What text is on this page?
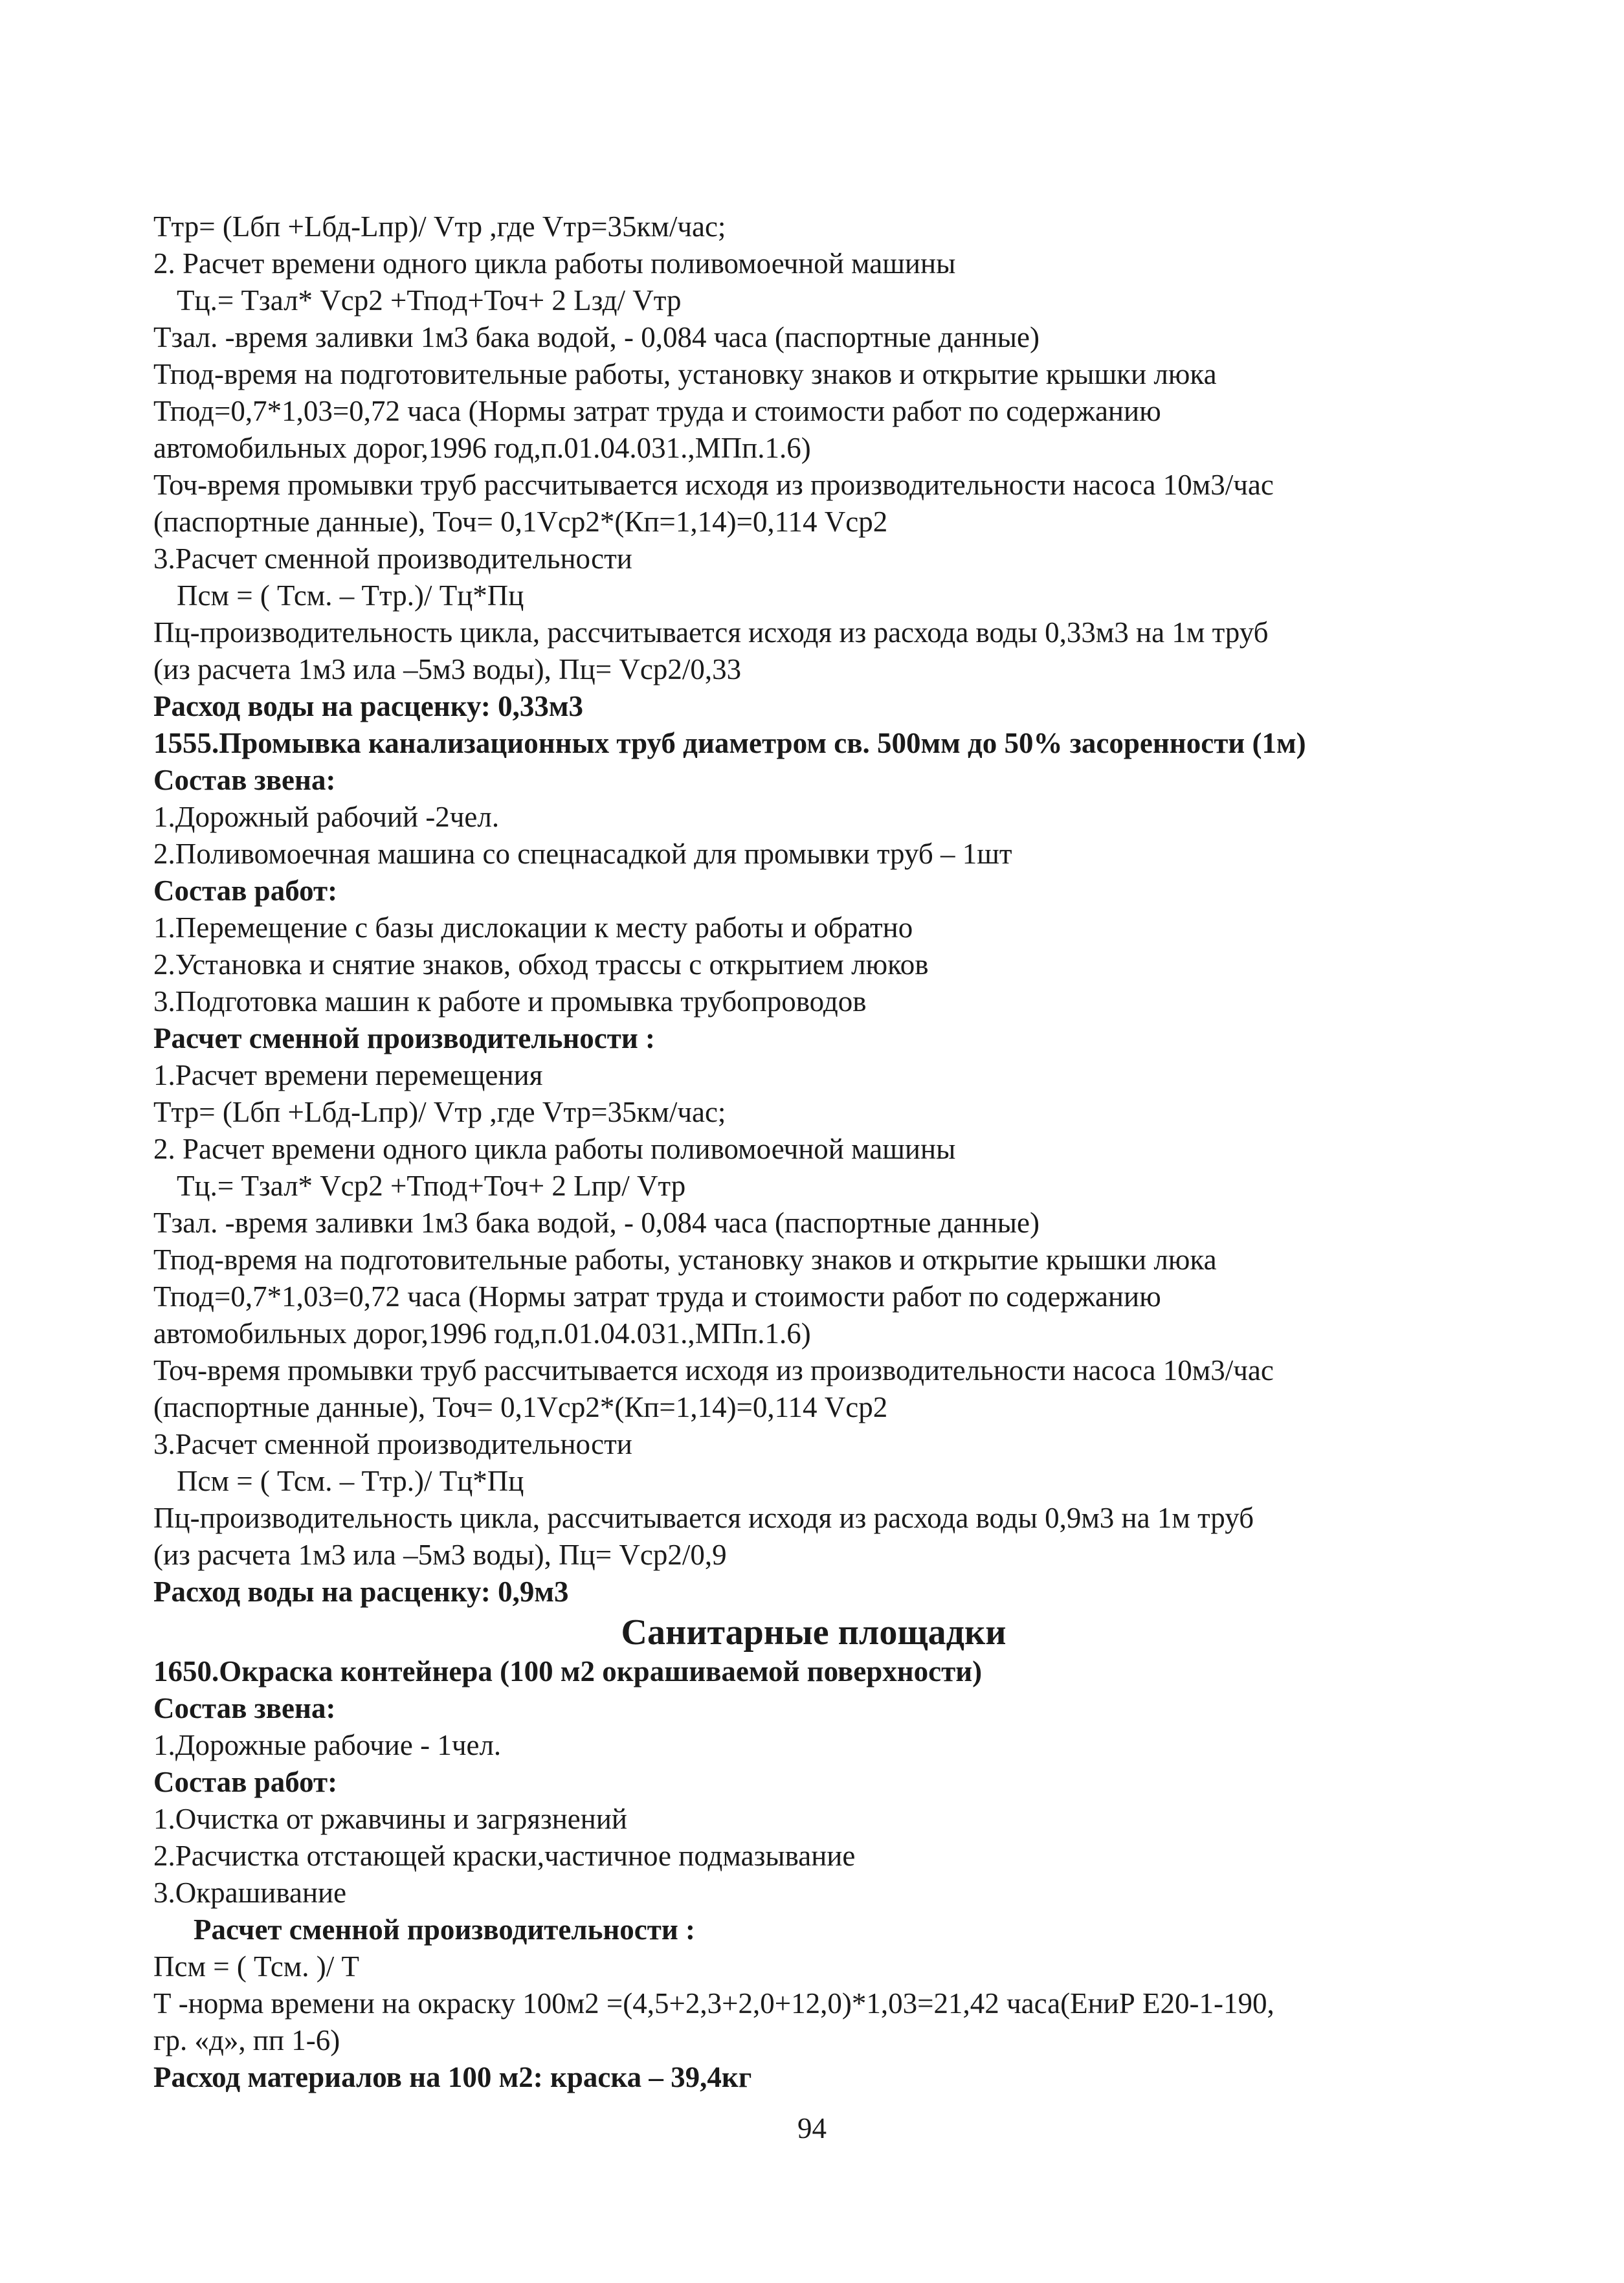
Ттр= (Lбп +Lбд-Lпр)/ Vтр ,где Vтр=35км/час;

2. Расчет времени одного цикла работы поливомоечной машины

Тц.= Тзал* Vср2 +Тпод+Точ+ 2 Lзд/ Vтр

Тзал. -время заливки 1м3 бака водой, - 0,084 часа (паспортные данные)

Тпод-время на подготовительные работы, установку знаков и открытие крышки люка

Тпод=0,7*1,03=0,72 часа (Нормы затрат труда и стоимости работ по содержанию

автомобильных дорог,1996 год,п.01.04.031.,МПп.1.6)

Точ-время промывки труб рассчитывается исходя из производительности насоса 10м3/час

(паспортные данные), Точ= 0,1Vср2*(Кп=1,14)=0,114 Vср2

3.Расчет сменной производительности

Псм = ( Тсм. – Ттр.)/ Тц*Пц

Пц-производительность цикла, рассчитывается исходя из расхода воды 0,33м3 на 1м труб

(из расчета 1м3 ила –5м3 воды), Пц= Vср2/0,33

Расход воды на расценку: 0,33м3

1555.Промывка канализационных труб диаметром св. 500мм до 50% засоренности (1м)

Состав звена:

1.Дорожный рабочий -2чел.

2.Поливомоечная машина со спецнасадкой для промывки труб – 1шт

Состав работ:

1.Перемещение с базы дислокации к месту работы и обратно

2.Установка и снятие знаков, обход трассы с открытием люков

3.Подготовка машин к работе и промывка трубопроводов

Расчет сменной производительности :

1.Расчет времени перемещения

Ттр= (Lбп +Lбд-Lпр)/ Vтр ,где Vтр=35км/час;

2. Расчет времени одного цикла работы поливомоечной машины

Тц.= Тзал* Vср2 +Тпод+Точ+ 2 Lпр/ Vтр

Тзал. -время заливки 1м3 бака водой, - 0,084 часа (паспортные данные)

Тпод-время на подготовительные работы, установку знаков и открытие крышки люка

Тпод=0,7*1,03=0,72 часа (Нормы затрат труда и стоимости работ по содержанию

автомобильных дорог,1996 год,п.01.04.031.,МПп.1.6)

Точ-время промывки труб рассчитывается исходя из производительности насоса 10м3/час

(паспортные данные), Точ= 0,1Vср2*(Кп=1,14)=0,114 Vср2

3.Расчет сменной производительности

Псм = ( Тсм. – Ттр.)/ Тц*Пц

Пц-производительность цикла, рассчитывается исходя из расхода воды 0,9м3 на 1м труб

(из расчета 1м3 ила –5м3 воды), Пц= Vср2/0,9

Расход воды на расценку: 0,9м3

Санитарные площадки

1650.Окраска контейнера (100 м2 окрашиваемой поверхности)

Состав звена:

1.Дорожные рабочие - 1чел.

Состав работ:

1.Очистка от ржавчины и загрязнений

2.Расчистка отстающей краски,частичное подмазывание

3.Окрашивание

Расчет сменной производительности :

Псм = ( Тсм. )/ Т

Т -норма времени на окраску 100м2 =(4,5+2,3+2,0+12,0)*1,03=21,42 часа(ЕниР Е20-1-190,

гр. «д», пп 1-6)

Расход материалов на 100 м2: краска – 39,4кг

94
